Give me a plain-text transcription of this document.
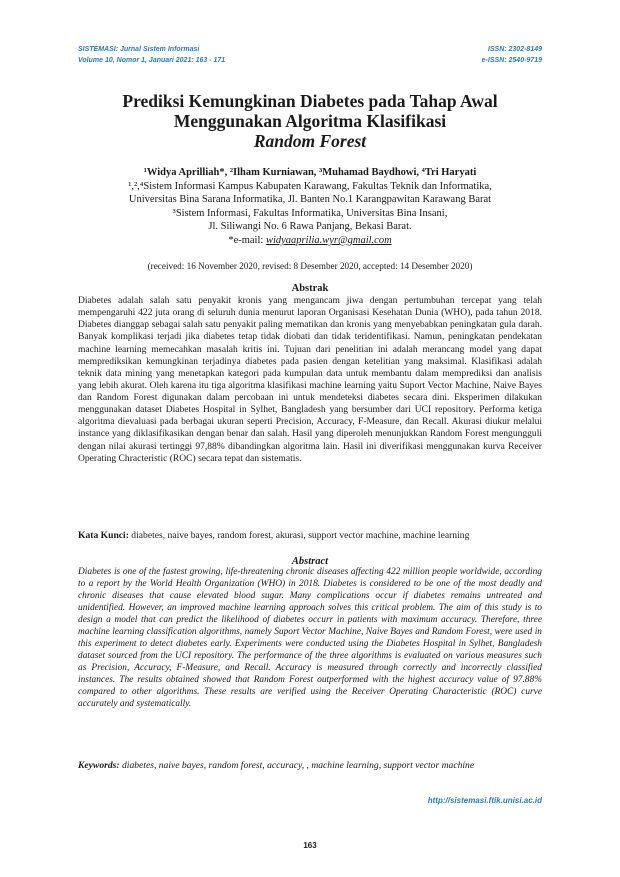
SISTEMASI: Jurnal Sistem Informasi
Volume 10, Nomor 1, Januari 2021: 163 - 171
ISSN: 2302-8149
e-ISSN: 2540-9719
Prediksi Kemungkinan Diabetes pada Tahap Awal
Menggunakan Algoritma Klasifikasi
Random Forest
¹Widya Aprilliah*, ²Ilham Kurniawan, ³Muhamad Baydhowi, ⁴Tri Haryati
¹,²,⁴Sistem Informasi Kampus Kabupaten Karawang, Fakultas Teknik dan Informatika,
Universitas Bina Sarana Informatika, Jl. Banten No.1 Karangpawitan Karawang Barat
³Sistem Informasi, Fakultas Informatika, Universitas Bina Insani,
Jl. Siliwangi No. 6 Rawa Panjang, Bekasi Barat.
*e-mail: widyaaprilia.wyr@gmail.com
(received: 16 November 2020, revised: 8 Desember 2020, accepted: 14 Desember 2020)
Abstrak
Diabetes adalah salah satu penyakit kronis yang mengancam jiwa dengan pertumbuhan tercepat yang telah mempengaruhi 422 juta orang di seluruh dunia menurut laporan Organisasi Kesehatan Dunia (WHO), pada tahun 2018. Diabetes dianggap sebagai salah satu penyakit paling mematikan dan kronis yang menyebabkan peningkatan gula darah. Banyak komplikasi terjadi jika diabetes tetap tidak diobati dan tidak teridentifikasi. Namun, peningkatan pendekatan machine learning memecahkan masalah kritis ini. Tujuan dari penelitian ini adalah merancang model yang dapat memprediksikan kemungkinan terjadinya diabetes pada pasien dengan ketelitian yang maksimal. Klasifikasi adalah teknik data mining yang menetapkan kategori pada kumpulan data untuk membantu dalam memprediksi dan analisis yang lebih akurat. Oleh karena itu tiga algoritma klasifikasi machine learning yaitu Suport Vector Machine, Naive Bayes dan Random Forest digunakan dalam percobaan ini untuk mendeteksi diabetes secara dini. Eksperimen dilakukan menggunakan dataset Diabetes Hospital in Sylhet, Bangladesh yang bersumber dari UCI repository. Performa ketiga algoritma dievaluasi pada berbagai ukuran seperti Precision, Accuracy, F-Measure, dan Recall. Akurasi diukur melalui instance yang diklasifikasikan dengan benar dan salah. Hasil yang diperoleh menunjukkan Random Forest mengungguli dengan nilai akurasi tertinggi 97,88% dibandingkan algoritma lain. Hasil ini diverifikasi menggunakan kurva Receiver Operating Chracteristic (ROC) secara tepat dan sistematis.
Kata Kunci: diabetes, naive bayes, random forest, akurasi, support vector machine, machine learning
Abstract
Diabetes is one of the fastest growing, life-threatening chronic diseases affecting 422 million people worldwide, according to a report by the World Health Organization (WHO) in 2018. Diabetes is considered to be one of the most deadly and chronic diseases that cause elevated blood sugar. Many complications occur if diabetes remains untreated and unidentified. However, an improved machine learning approach solves this critical problem. The aim of this study is to design a model that can predict the likelihood of diabetes occurr in patients with maximum accuracy. Therefore, three machine learning classification algorithms, namely Suport Vector Machine, Naive Bayes and Random Forest, were used in this experiment to detect diabetes early. Experiments were conducted using the Diabetes Hospital in Sylhet, Bangladesh dataset sourced from the UCI repository. The performance of the three algorithms is evaluated on various measures such as Precision, Accuracy, F-Measure, and Recall. Accuracy is measured through correctly and incorrectly classified instances. The results obtained showed that Random Forest outperformed with the highest accuracy value of 97.88% compared to other algorithms. These results are verified using the Receiver Operating Characteristic (ROC) curve accurately and systematically.
Keywords: diabetes, naive bayes, random forest, accuracy, , machine learning, support vector machine
http://sistemasi.ftik.unisi.ac.id
163
